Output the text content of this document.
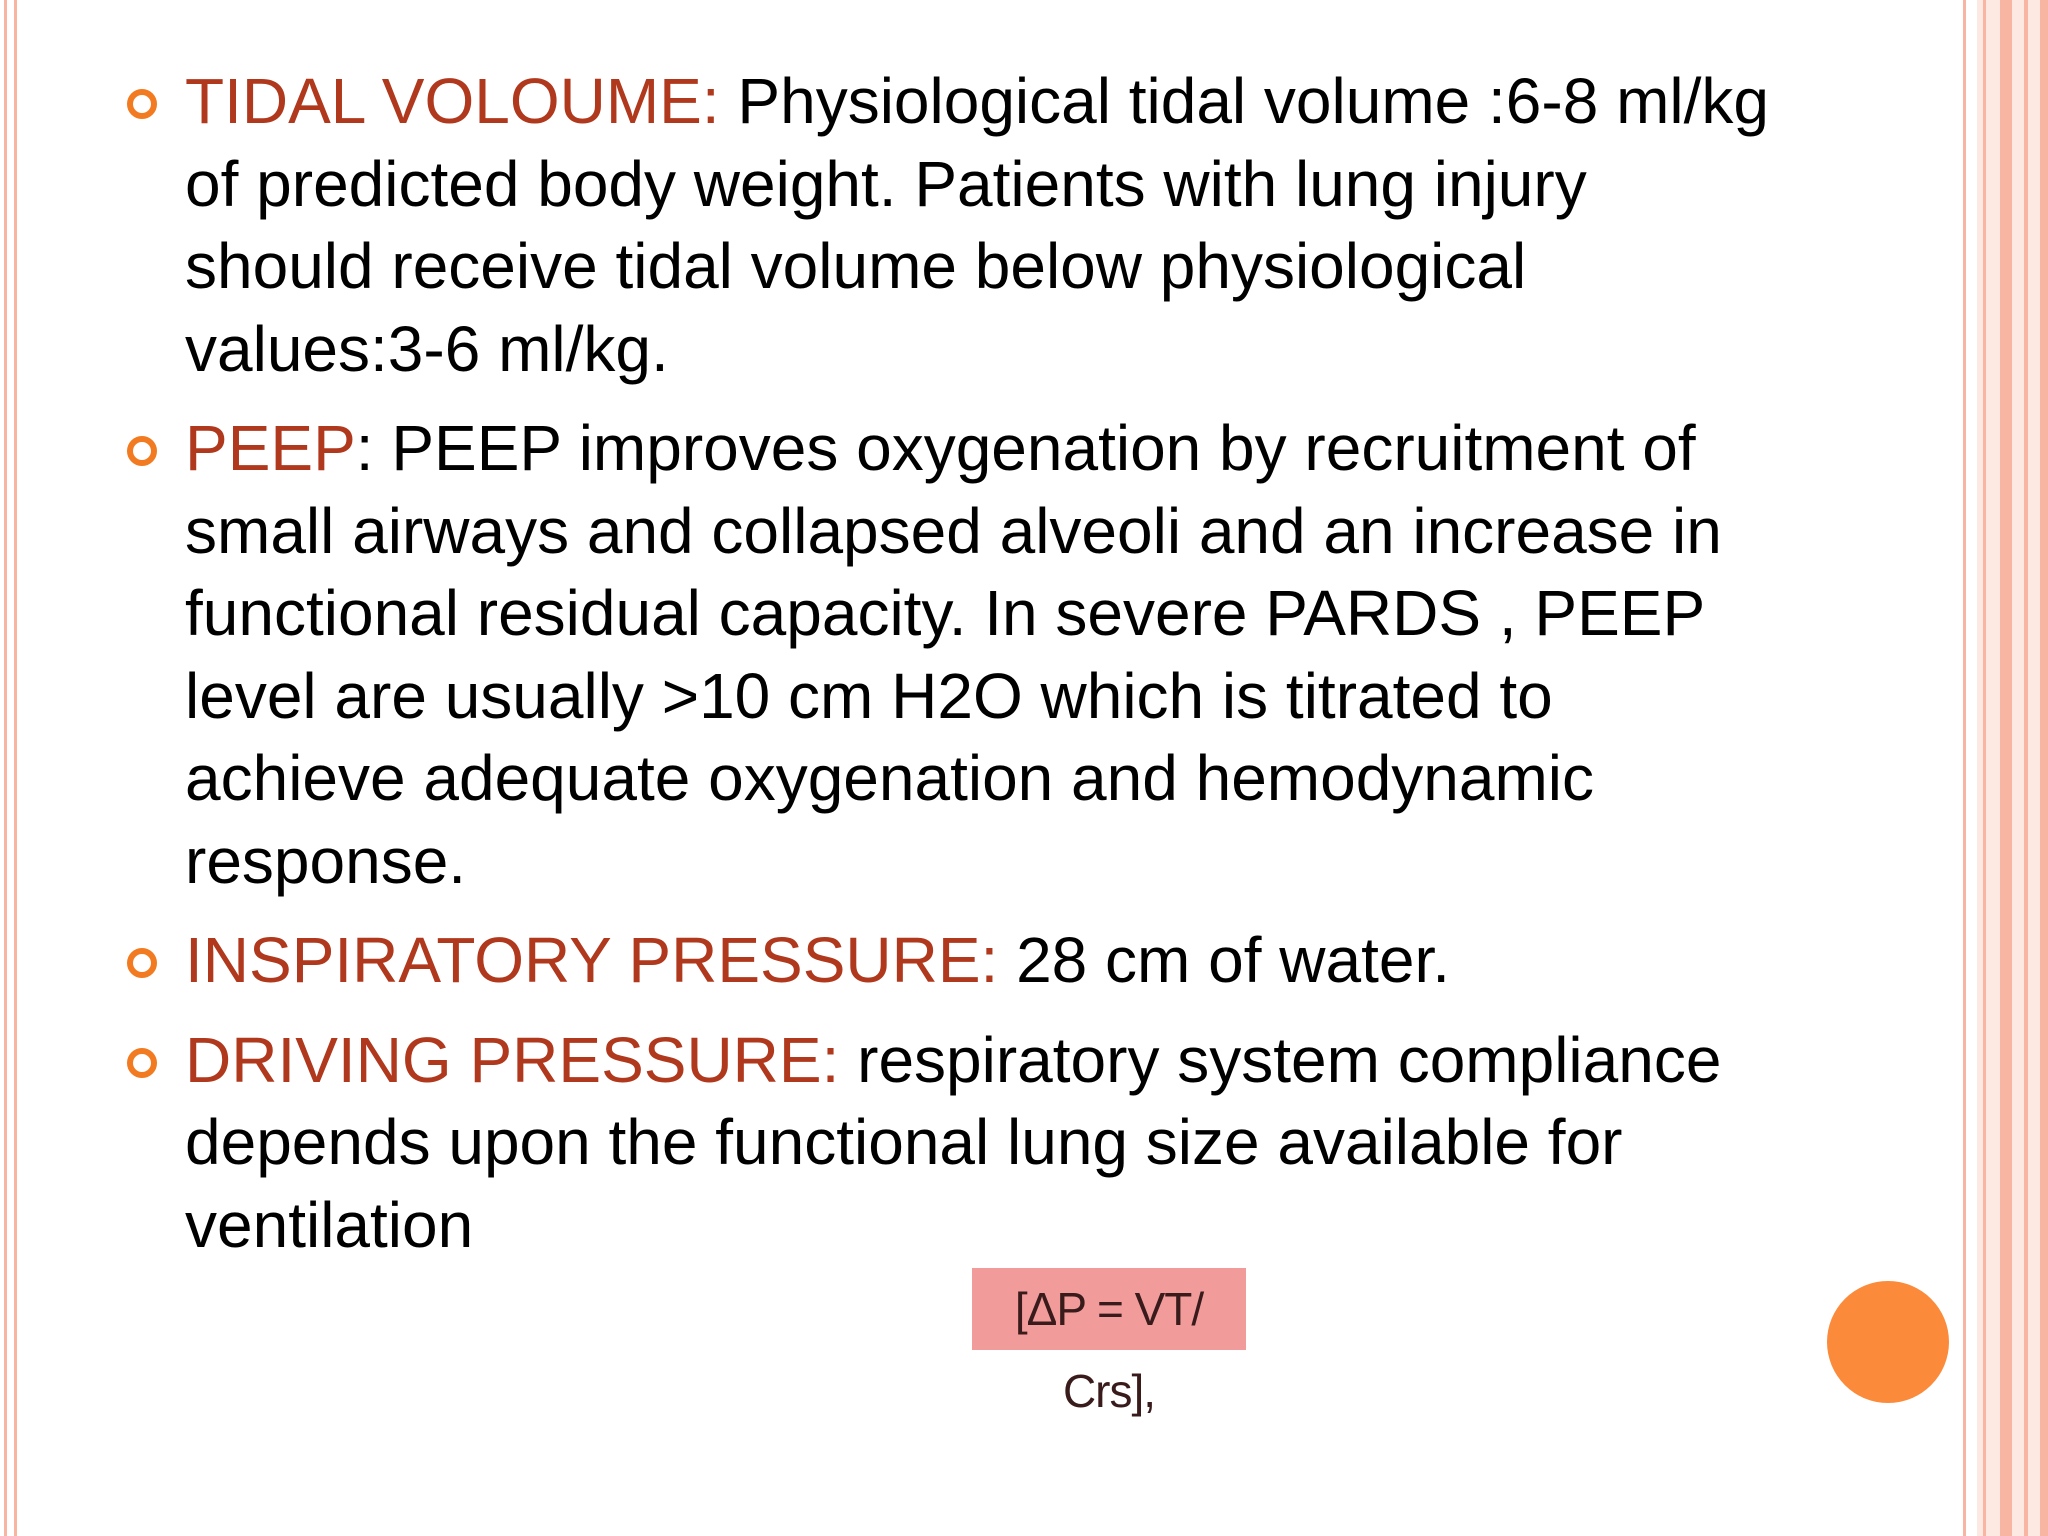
TIDAL VOLOUME: Physiological tidal volume :6-8 ml/kg of predicted body weight. Patients with lung injury should receive tidal volume below physiological values:3-6 ml/kg.
PEEP: PEEP improves oxygenation by recruitment of small airways and collapsed alveoli and an increase in functional residual capacity. In severe PARDS , PEEP level are usually >10 cm H2O which is titrated to achieve adequate oxygenation and hemodynamic response.
INSPIRATORY PRESSURE: 28 cm of water.
DRIVING PRESSURE: respiratory system compliance depends upon the functional lung size available for ventilation
[ΔP = VT/ Crs],
